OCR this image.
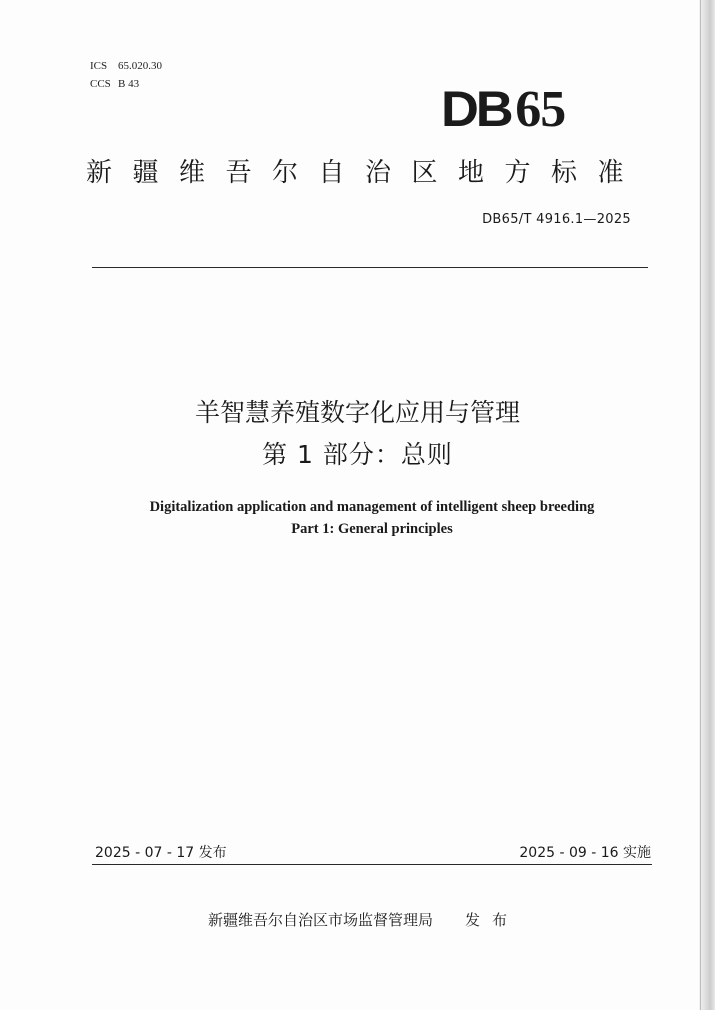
ICS 65.020.30
CCS B 43	DB65
新疆维吾尔自治区地方标准
DB65/T 4916.1—2025
羊智慧养殖数字化应用与管理
第 1 部分：总则
Digitalization application and management of intelligent sheep breeding
Part 1: General principles
2025 - 07 - 17 发布	2025 - 09 - 16 实施
新疆维吾尔自治区市场监督管理局 发布
